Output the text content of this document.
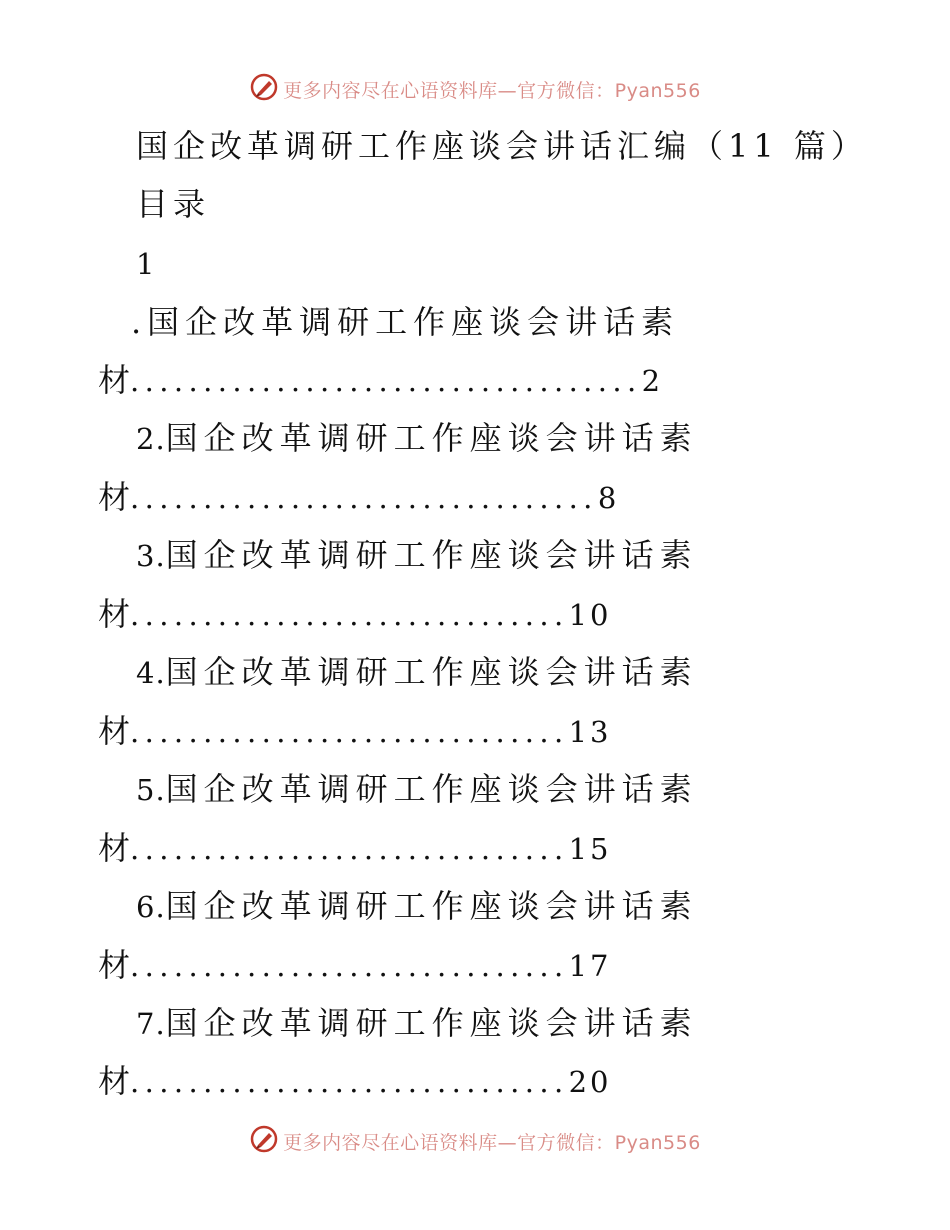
更多内容尽在心语资料库—官方微信：Pyan556
国企改革调研工作座谈会讲话汇编（11 篇）
目录
1
.国企改革调研工作座谈会讲话素
材...................................2
2.国企改革调研工作座谈会讲话素
材................................8
3.国企改革调研工作座谈会讲话素
材..............................10
4.国企改革调研工作座谈会讲话素
材..............................13
5.国企改革调研工作座谈会讲话素
材..............................15
6.国企改革调研工作座谈会讲话素
材..............................17
7.国企改革调研工作座谈会讲话素
材..............................20
更多内容尽在心语资料库—官方微信：Pyan556
